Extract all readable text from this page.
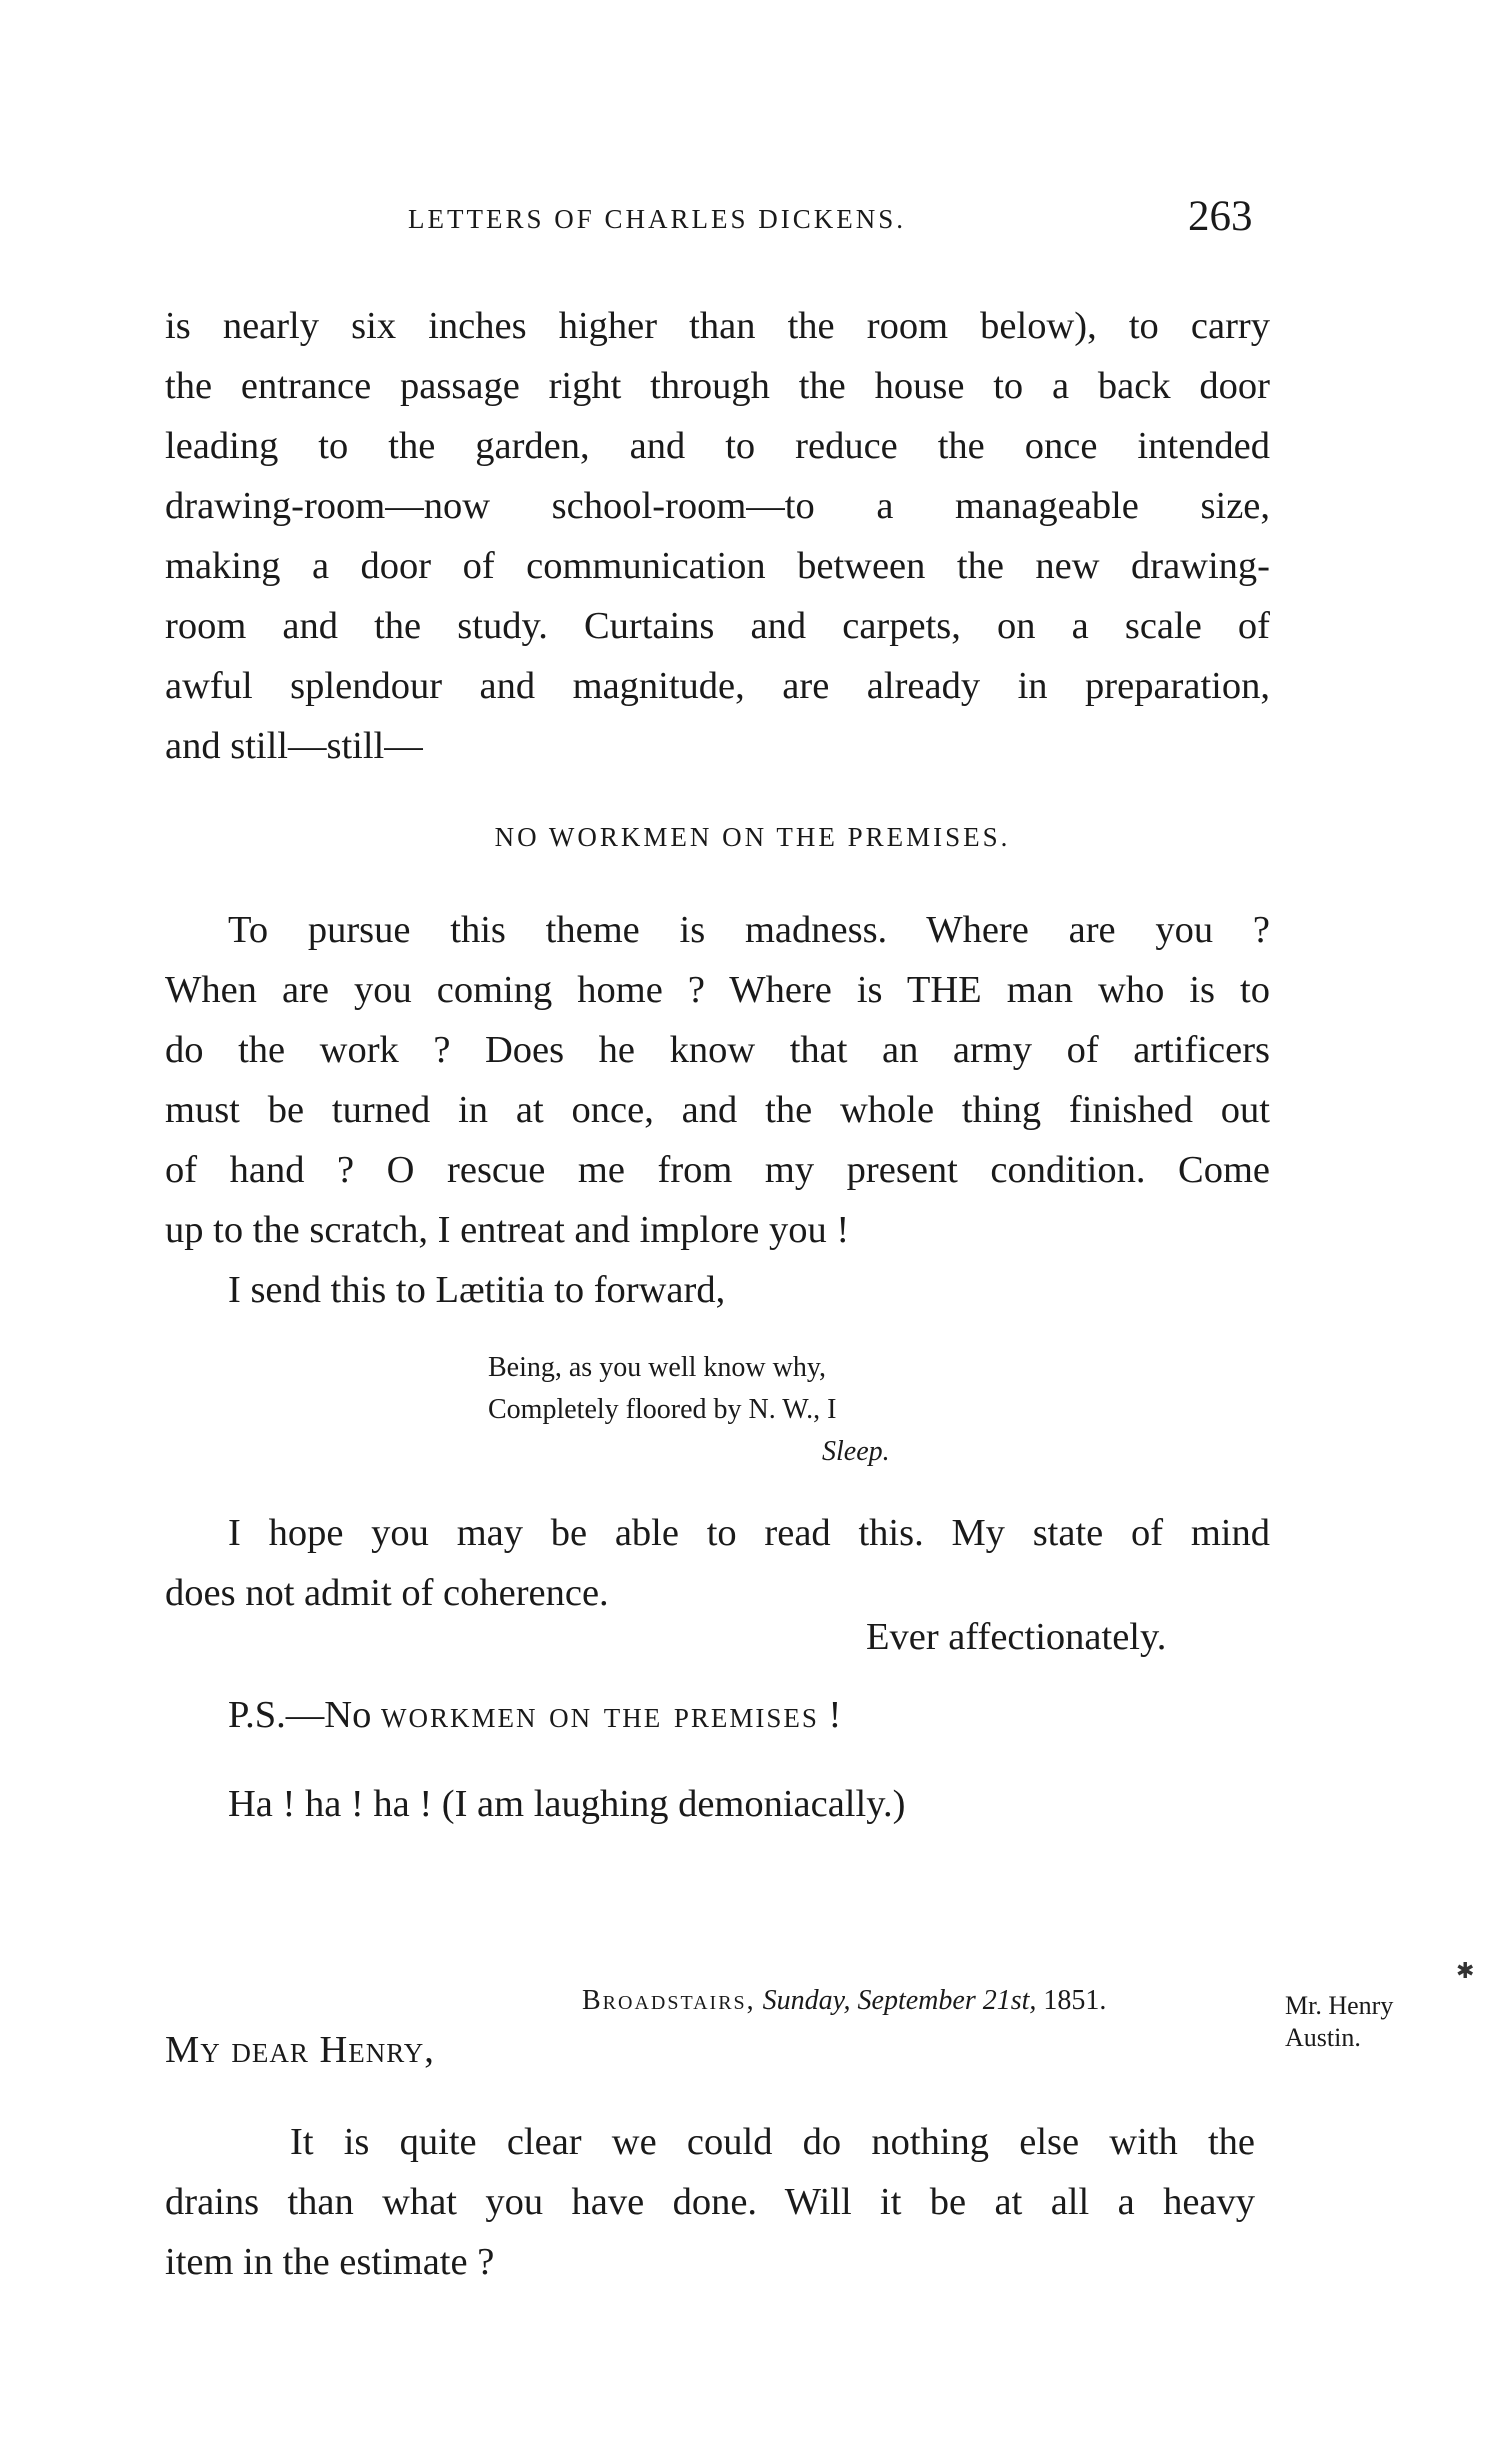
LETTERS OF CHARLES DICKENS.	263
is nearly six inches higher than the room below), to carry
the entrance passage right through the house to a back door
leading to the garden, and to reduce the once intended
drawing-room—now school-room—to a manageable size,
making a door of communication between the new drawing-
room and the study. Curtains and carpets, on a scale of
awful splendour and magnitude, are already in preparation,
and still—still—
NO WORKMEN ON THE PREMISES.
To pursue this theme is madness. Where are you ?
When are you coming home ? Where is THE man who is to
do the work ? Does he know that an army of artificers
must be turned in at once, and the whole thing finished out
of hand ? O rescue me from my present condition. Come
up to the scratch, I entreat and implore you !
I send this to Lætitia to forward,
Being, as you well know why,
Completely floored by N. W., I
Sleep.
I hope you may be able to read this. My state of mind
does not admit of coherence.
Ever affectionately.
P.S.—No workmen on the premises !
Ha ! ha ! ha ! (I am laughing demoniacally.)
✱
Broadstairs, Sunday, September 21st, 1851.	Mr. Henry
Austin.
My dear Henry,
It is quite clear we could do nothing else with the
drains than what you have done. Will it be at all a heavy
item in the estimate ?
